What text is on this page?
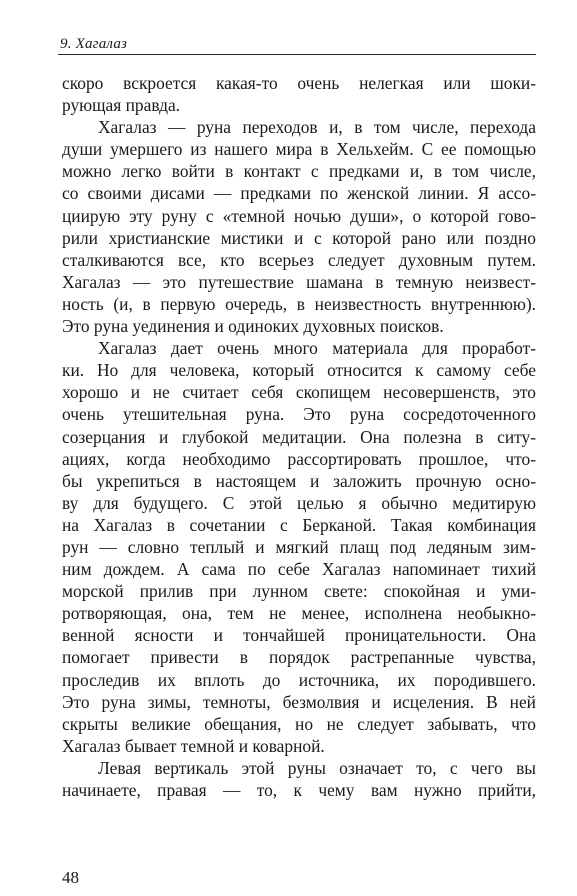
9. Хагалаз
скоро вскроется какая-то очень нелегкая или шоки-
рующая правда.
Хагалаз — руна переходов и, в том числе, перехода
души умершего из нашего мира в Хельхейм. С ее помощью
можно легко войти в контакт с предками и, в том числе,
со своими дисами — предками по женской линии. Я ассо-
циирую эту руну с «темной ночью души», о которой гово-
рили христианские мистики и с которой рано или поздно
сталкиваются все, кто всерьез следует духовным путем.
Хагалаз — это путешествие шамана в темную неизвест-
ность (и, в первую очередь, в неизвестность внутреннюю).
Это руна уединения и одиноких духовных поисков.
Хагалаз дает очень много материала для проработ-
ки. Но для человека, который относится к самому себе
хорошо и не считает себя скопищем несовершенств, это
очень утешительная руна. Это руна сосредоточенного
созерцания и глубокой медитации. Она полезна в ситу-
ациях, когда необходимо рассортировать прошлое, что-
бы укрепиться в настоящем и заложить прочную осно-
ву для будущего. С этой целью я обычно медитирую
на Хагалаз в сочетании с Берканой. Такая комбинация
рун — словно теплый и мягкий плащ под ледяным зим-
ним дождем. А сама по себе Хагалаз напоминает тихий
морской прилив при лунном свете: спокойная и уми-
ротворяющая, она, тем не менее, исполнена необыкно-
венной ясности и тончайшей проницательности. Она
помогает привести в порядок растрепанные чувства,
проследив их вплоть до источника, их породившего.
Это руна зимы, темноты, безмолвия и исцеления. В ней
скрыты великие обещания, но не следует забывать, что
Хагалаз бывает темной и коварной.
Левая вертикаль этой руны означает то, с чего вы
начинаете, правая — то, к чему вам нужно прийти,
48
